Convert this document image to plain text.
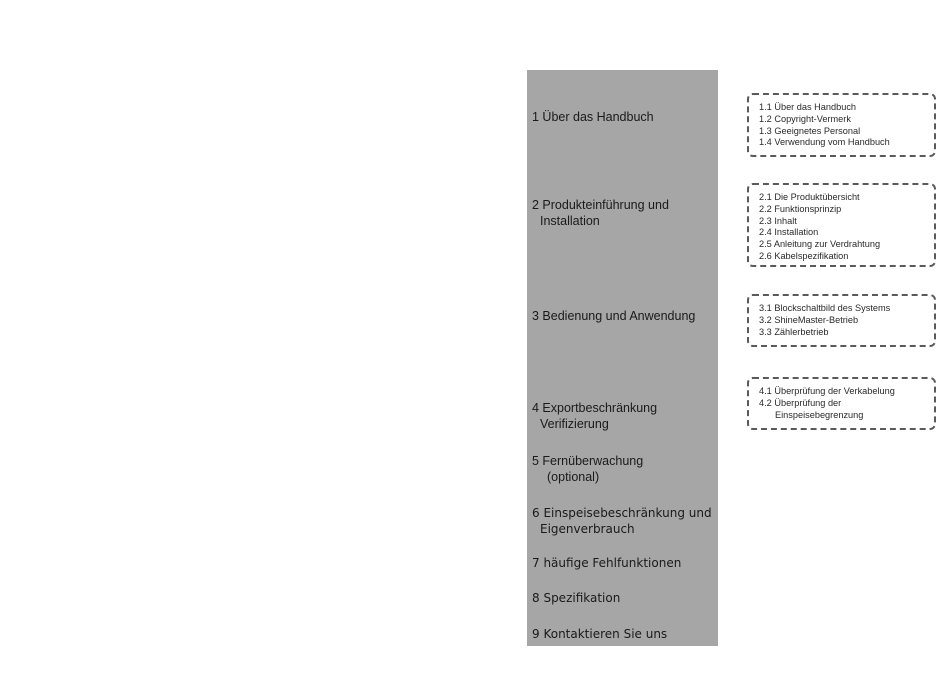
1 Über das Handbuch

2 Produkteinführung und

Installation

3 Bedienung und Anwendung

4 Exportbeschränkung

Verifizierung

5 Fernüberwachung

(optional)

6 Einspeisebeschränkung und

Eigenverbrauch

7 häufige Fehlfunktionen

8 Spezifikation

9 Kontaktieren Sie uns

1.1 Über das Handbuch
1.2 Copyright-Vermerk
1.3 Geeignetes Personal
1.4 Verwendung vom Handbuch
2.1 Die Produktübersicht
2.2 Funktionsprinzip
2.3 Inhalt
2.4 Installation
2.5 Anleitung zur Verdrahtung
2.6 Kabelspezifikation
3.1 Blockschaltbild des Systems
3.2 ShineMaster-Betrieb
3.3 Zählerbetrieb
4.1 Überprüfung der Verkabelung
4.2 Überprüfung der
Einspeisebegrenzung
